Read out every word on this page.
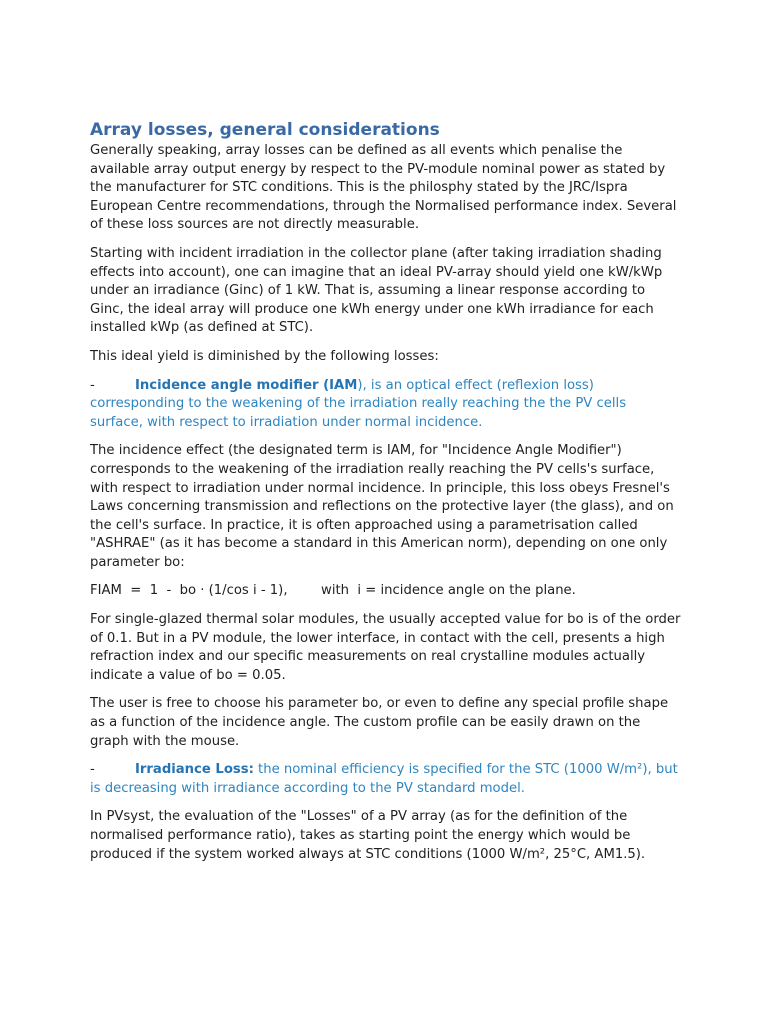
Array losses, general considerations

Generally speaking, array losses can be defined as all events which penalise the available array output energy by respect to the PV-module nominal power as stated by the manufacturer for STC conditions. This is the philosphy stated by the JRC/Ispra European Centre recommendations, through the Normalised performance index. Several of these loss sources are not directly measurable.

Starting with incident irradiation in the collector plane (after taking irradiation shading effects into account), one can imagine that an ideal PV-array should yield one kW/kWp under an irradiance (Ginc) of 1 kW. That is, assuming a linear response according to Ginc, the ideal array will produce one kWh energy under one kWh irradiance for each installed kWp (as defined at STC).

This ideal yield is diminished by the following losses:

-	Incidence angle modifier (IAM), is an optical effect (reflexion loss) corresponding to the weakening of the irradiation really reaching the the PV cells surface, with respect to irradiation under normal incidence.

The incidence effect (the designated term is IAM, for "Incidence Angle Modifier") corresponds to the weakening of the irradiation really reaching the PV cells's surface, with respect to irradiation under normal incidence. In principle, this loss obeys Fresnel's Laws concerning transmission and reflections on the protective layer (the glass), and on the cell's surface. In practice, it is often approached using a parametrisation called "ASHRAE" (as it has become a standard in this American norm), depending on one only parameter bo:

FIAM  =  1  -  bo · (1/cos i - 1),        with  i = incidence angle on the plane.

For single-glazed thermal solar modules, the usually accepted value for bo is of the order of 0.1. But in a PV module, the lower interface, in contact with the cell, presents a high refraction index and our specific measurements on real crystalline modules actually indicate a value of bo = 0.05.

The user is free to choose his parameter bo, or even to define any special profile shape as a function of the incidence angle. The custom profile can be easily drawn on the graph with the mouse.

-	Irradiance Loss: the nominal efficiency is specified for the STC (1000 W/m²), but is decreasing with irradiance according to the PV standard model.

In PVsyst, the evaluation of the "Losses" of a PV array (as for the definition of the normalised performance ratio), takes as starting point the energy which would be produced if the system worked always at STC conditions (1000 W/m², 25°C, AM1.5).
